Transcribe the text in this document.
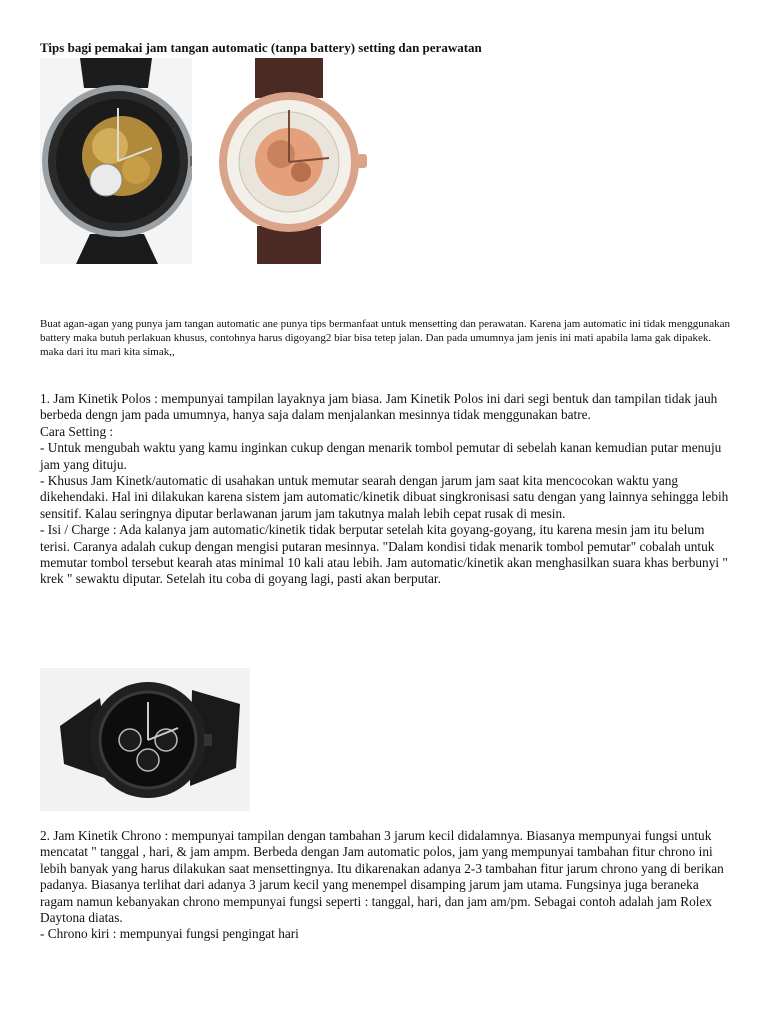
Tips bagi pemakai jam tangan automatic (tanpa battery) setting dan perawatan
Buat agan-agan yang punya jam tangan automatic ane punya tips bermanfaat untuk mensetting dan perawatan. Karena jam automatic ini tidak menggunakan battery maka butuh perlakuan khusus, contohnya harus digoyang2 biar bisa tetep jalan. Dan pada umumnya jam jenis ini mati apabila lama gak dipakek. maka dari itu mari kita simak,,
1. Jam Kinetik Polos : mempunyai tampilan layaknya jam biasa. Jam Kinetik Polos ini dari segi bentuk dan tampilan tidak jauh berbeda dengn jam pada umumnya, hanya saja dalam menjalankan mesinnya tidak menggunakan batre.
Cara Setting :
- Untuk mengubah waktu yang kamu inginkan cukup dengan menarik tombol pemutar di sebelah kanan kemudian putar menuju jam yang dituju.
- Khusus Jam Kinetk/automatic di usahakan untuk memutar searah dengan jarum jam saat kita mencocokan waktu yang dikehendaki. Hal ini dilakukan karena sistem jam automatic/kinetik dibuat singkronisasi satu dengan yang lainnya sehingga lebih sensitif. Kalau seringnya diputar berlawanan jarum jam takutnya malah lebih cepat rusak di mesin.
- Isi / Charge : Ada kalanya jam automatic/kinetik tidak berputar setelah kita goyang-goyang, itu karena mesin jam itu belum terisi. Caranya adalah cukup dengan mengisi putaran mesinnya. "Dalam kondisi tidak menarik tombol pemutar" cobalah untuk memutar tombol tersebut kearah atas minimal 10 kali atau lebih. Jam automatic/kinetik akan menghasilkan suara khas berbunyi " krek " sewaktu diputar. Setelah itu coba di goyang lagi, pasti akan berputar.
2. Jam Kinetik Chrono : mempunyai tampilan dengan tambahan 3 jarum kecil didalamnya. Biasanya mempunyai fungsi untuk mencatat " tanggal , hari, & jam ampm. Berbeda dengan Jam automatic polos, jam yang mempunyai tambahan fitur chrono ini lebih banyak yang harus dilakukan saat mensettingnya. Itu dikarenakan adanya 2-3 tambahan fitur jarum chrono yang di berikan padanya. Biasanya terlihat dari adanya 3 jarum kecil yang menempel disamping jarum jam utama. Fungsinya juga beraneka ragam namun kebanyakan chrono mempunyai fungsi seperti : tanggal, hari, dan jam am/pm. Sebagai contoh adalah jam Rolex Daytona diatas.
- Chrono kiri : mempunyai fungsi pengingat hari
